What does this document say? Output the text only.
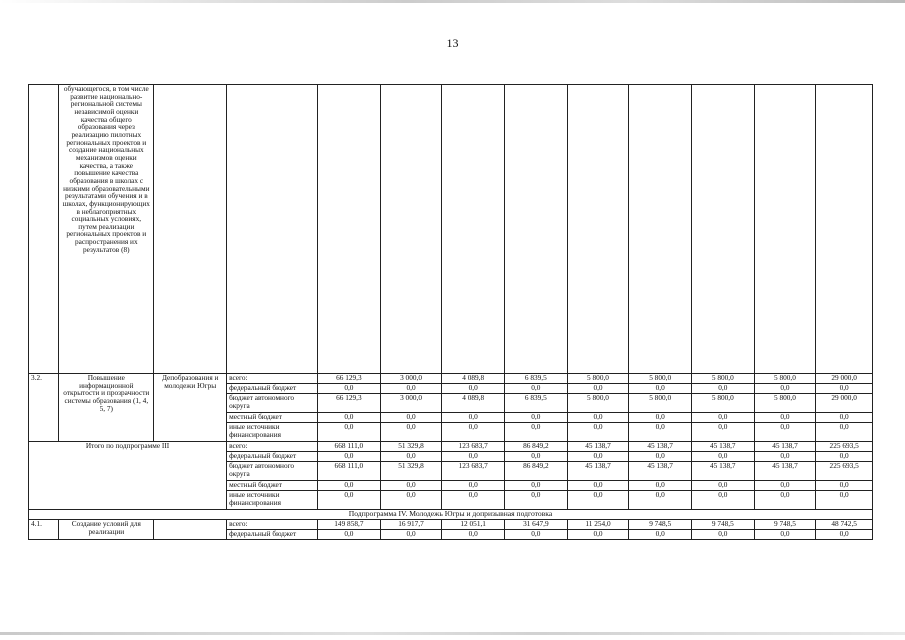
13
	обучающегося, в том числе развитие национально-региональной системы независимой оценки качества общего образования через реализацию пилотных региональных проектов и создание национальных механизмов оценки качества, а также повышение качества образования в школах с низкими образовательными результатами обучения и в школах, функционирующих в неблагоприятных социальных условиях, путем реализации региональных проектов и распространения их результатов (8)											
3.2.	Повышение информационной открытости и прозрачности системы образования (1, 4, 5, 7)	Депобразования и молодежи Югры	всего:	66 129,3	3 000,0	4 089,8	6 839,5	5 800,0	5 800,0	5 800,0	5 800,0	29 000,0
			федеральный бюджет	0,0	0,0	0,0	0,0	0,0	0,0	0,0	0,0	0,0
			бюджет автономного округа	66 129,3	3 000,0	4 089,8	6 839,5	5 800,0	5 800,0	5 800,0	5 800,0	29 000,0
			местный бюджет	0,0	0,0	0,0	0,0	0,0	0,0	0,0	0,0	0,0
			иные источники финансирования	0,0	0,0	0,0	0,0	0,0	0,0	0,0	0,0	0,0
Итого по подпрограмме III			всего:	668 111,0	51 329,8	123 683,7	86 849,2	45 138,7	45 138,7	45 138,7	45 138,7	225 693,5
			федеральный бюджет	0,0	0,0	0,0	0,0	0,0	0,0	0,0	0,0	0,0
			бюджет автономного округа	668 111,0	51 329,8	123 683,7	86 849,2	45 138,7	45 138,7	45 138,7	45 138,7	225 693,5
			местный бюджет	0,0	0,0	0,0	0,0	0,0	0,0	0,0	0,0	0,0
			иные источники финансирования	0,0	0,0	0,0	0,0	0,0	0,0	0,0	0,0	0,0
Подпрограмма IV. Молодежь Югры и допризывная подготовка												
4.1.	Создание условий для реализации		всего:	149 858,7	16 917,7	12 051,1	31 647,9	11 254,0	9 748,5	9 748,5	9 748,5	48 742,5
			федеральный бюджет	0,0	0,0	0,0	0,0	0,0	0,0	0,0	0,0	0,0
